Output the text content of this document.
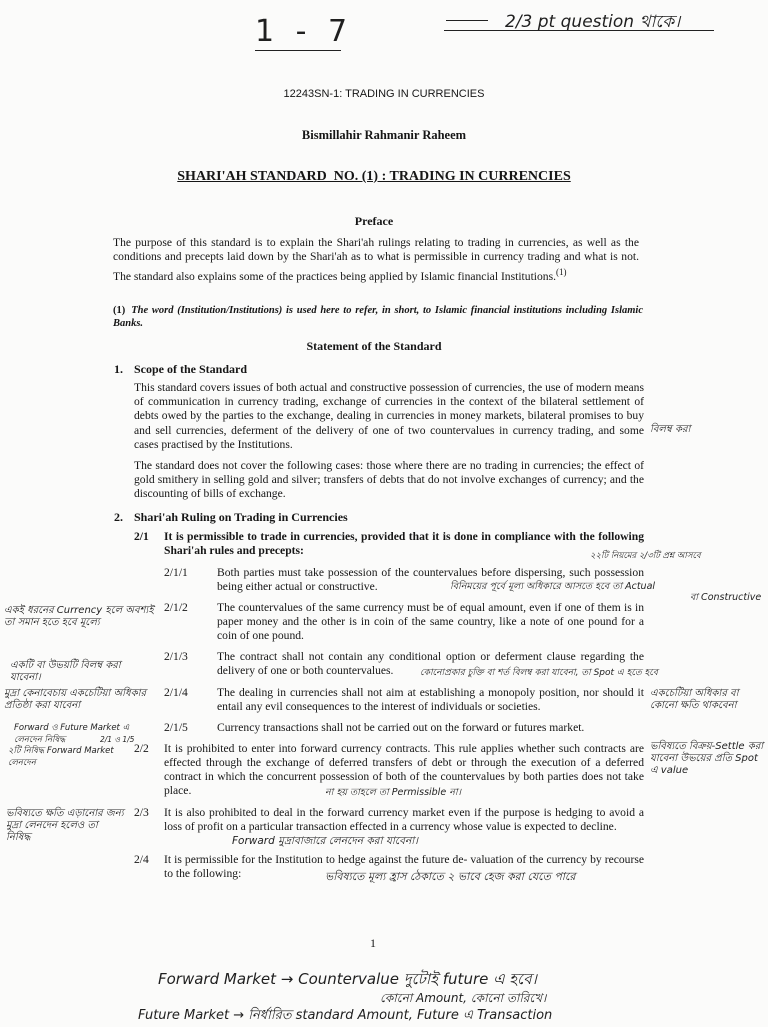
1 - 7	2/3 pt question থাকে।
12243SN-1: TRADING IN CURRENCIES
Bismillahir Rahmanir Raheem
SHARI'AH STANDARD  NO. (1) : TRADING IN CURRENCIES
Preface

The purpose of this standard is to explain the Shari'ah rulings relating to trading in currencies, as well as the conditions and precepts laid down by the Shari'ah as to what is permissible in currency trading and what is not. The standard also explains some of the practices being applied by Islamic financial Institutions.$^{(1)}$

(1) The word (Institution/Institutions) is used here to refer, in short, to Islamic financial institutions including Islamic Banks.
Statement of the Standard
1. Scope of the Standard

This standard covers issues of both actual and constructive possession of currencies, the use of modern means of communication in currency trading, exchange of currencies in the context of the bilateral settlement of debts owed by the parties to the exchange, dealing in currencies in money markets, bilateral promises to buy and sell currencies, deferment of the delivery of one of two countervalues in currency trading, and some cases practised by the Institutions.

বিলম্ব করা

The standard does not cover the following cases: those where there are no trading in currencies; the effect of gold smithery in selling gold and silver; transfers of debts that do not involve exchanges of currency; and the discounting of bills of exchange.

2. Shari'ah Ruling on Trading in Currencies
2/1 It is permissible to trade in currencies, provided that it is done in compliance with the following Shari'ah rules and precepts:	২২টি নিয়মের ২/৩টি প্রশ্ন আসবে
2/1/1	Both parties must take possession of the countervalues before dispersing, such possession being either actual or constructive.	বিনিময়ের পূর্বে মূল্য অধিকারে আসতে হবে তা Actual
বা Constructive
2/1/2	The countervalues of the same currency must be of equal amount, even if one of them is in paper money and the other is in coin of the same country, like a note of one pound for a coin of one pound.

একই ধরনের Currency হলে অবশ্যই তা সমান হতে হবে মূল্যে
2/1/3	The contract shall not contain any conditional option or deferment clause regarding the delivery of one or both countervalues.

একটি বা উভয়টি বিলম্ব করা যাবেনা।	কোনোপ্রকার চুক্তি বা শর্ত বিলম্ব করা যাবেনা, তা Spot এ হতে হবে
2/1/4	The dealing in currencies shall not aim at establishing a monopoly position, nor should it entail any evil consequences to the interest of individuals or societies.

মুদ্রা কেনাবেচায় একচেটিয়া অধিকার প্রতিষ্ঠা করা যাবেনা
একচেটিয়া অধিকার বা কোনো ক্ষতি থাকবেনা
2/1/5	Currency transactions shall not be carried out on the forward or futures market.

Forward ও Future Market এ লেনদেন নিষিদ্ধ
২টি নিষিদ্ধ Forward Market লেনদেন
2/1 ও 1/5
2/2 It is prohibited to enter into forward currency contracts. This rule applies whether such contracts are effected through the exchange of deferred transfers of debt or through the execution of a deferred contract in which the concurrent possession of both of the countervalues by both parties does not take place.

ভবিষ্যতে বিক্রয়-Settle করা যাবেনা উভয়ের প্রতি Spot এ value
না হয় তাহলে তা Permissible না।
2/3 It is also prohibited to deal in the forward currency market even if the purpose is hedging to avoid a loss of profit on a particular transaction effected in a currency whose value is expected to decline.

ভবিষ্যতে ক্ষতি এড়ানোর জন্য মুদ্রা লেনদেন হলেও তা নিষিদ্ধ	Forward মুদ্রাবাজারে লেনদেন করা যাবেনা।
2/4 It is permissible for the Institution to hedge against the future de- valuation of the currency by recourse to the following:	ভবিষ্যতে মূল্য হ্রাস ঠেকাতে ২ ভাবে হেজ করা যেতে পারে
1
Forward Market → Countervalue দুটোই future এ হবে।
কোনো Amount, কোনো তারিখে।
Future Market → নির্ধারিত standard Amount, Future এ Transaction
